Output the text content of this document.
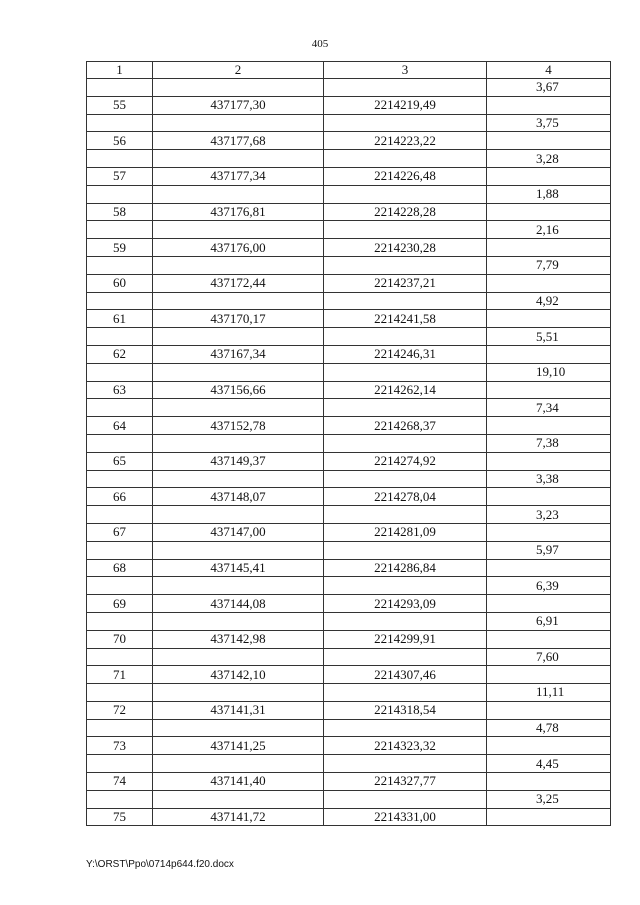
405
1	2	3	4
			3,67
55	437177,30	2214219,49	
			3,75
56	437177,68	2214223,22	
			3,28
57	437177,34	2214226,48	
			1,88
58	437176,81	2214228,28	
			2,16
59	437176,00	2214230,28	
			7,79
60	437172,44	2214237,21	
			4,92
61	437170,17	2214241,58	
			5,51
62	437167,34	2214246,31	
			19,10
63	437156,66	2214262,14	
			7,34
64	437152,78	2214268,37	
			7,38
65	437149,37	2214274,92	
			3,38
66	437148,07	2214278,04	
			3,23
67	437147,00	2214281,09	
			5,97
68	437145,41	2214286,84	
			6,39
69	437144,08	2214293,09	
			6,91
70	437142,98	2214299,91	
			7,60
71	437142,10	2214307,46	
			11,11
72	437141,31	2214318,54	
			4,78
73	437141,25	2214323,32	
			4,45
74	437141,40	2214327,77	
			3,25
75	437141,72	2214331,00	
Y:\ORST\Ppo\0714p644.f20.docx
